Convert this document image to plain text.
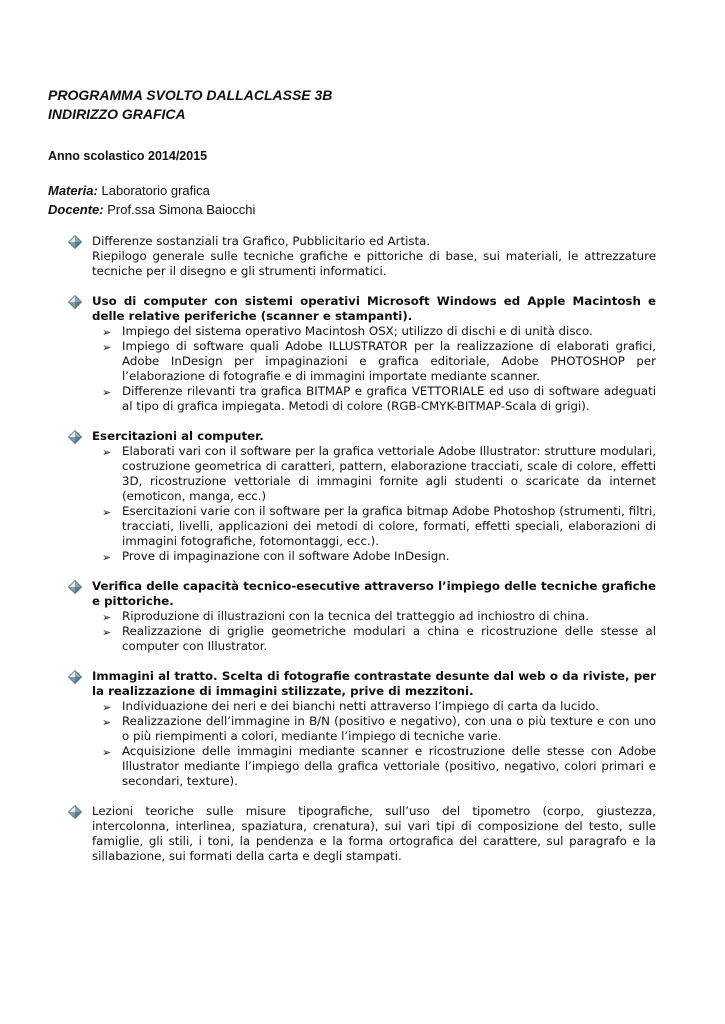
PROGRAMMA SVOLTO DALLACLASSE 3B

INDIRIZZO GRAFICA

Anno scolastico 2014/2015
Materia: Laboratorio grafica
Docente: Prof.ssa Simona Baiocchi
Differenze sostanziali tra Grafico, Pubblicitario ed Artista.
Riepilogo generale sulle tecniche grafiche e pittoriche di base, sui materiali, le attrezzature tecniche per il disegno e gli strumenti informatici.
Uso di computer con sistemi operativi Microsoft Windows ed Apple Macintosh e delle relative periferiche (scanner e stampanti).
➢ Impiego del sistema operativo Macintosh OSX; utilizzo di dischi e di unità disco.
➢ Impiego di software quali Adobe ILLUSTRATOR per la realizzazione di elaborati grafici, Adobe InDesign per impaginazioni e grafica editoriale, Adobe PHOTOSHOP per l’elaborazione di fotografie e di immagini importate mediante scanner.
➢ Differenze rilevanti tra grafica BITMAP e grafica VETTORIALE ed uso di software adeguati al tipo di grafica impiegata. Metodi di colore (RGB-CMYK-BITMAP-Scala di grigi).
Esercitazioni al computer.
➢ Elaborati vari con il software per la grafica vettoriale Adobe Illustrator: strutture modulari, costruzione geometrica di caratteri, pattern, elaborazione tracciati, scale di colore, effetti 3D, ricostruzione vettoriale di immagini fornite agli studenti o scaricate da internet (emoticon, manga, ecc.)
➢ Esercitazioni varie con il software per la grafica bitmap Adobe Photoshop (strumenti, filtri, tracciati, livelli, applicazioni dei metodi di colore, formati, effetti speciali, elaborazioni di immagini fotografiche, fotomontaggi, ecc.).
➢ Prove di impaginazione con il software Adobe InDesign.
Verifica delle capacità tecnico-esecutive attraverso l’impiego delle tecniche grafiche e pittoriche.
➢ Riproduzione di illustrazioni con la tecnica del tratteggio ad inchiostro di china.
➢ Realizzazione di griglie geometriche modulari a china e ricostruzione delle stesse al computer con Illustrator.
Immagini al tratto. Scelta di fotografie contrastate desunte dal web o da riviste, per la realizzazione di immagini stilizzate, prive di mezzitoni.
➢ Individuazione dei neri e dei bianchi netti attraverso l’impiego di carta da lucido.
➢ Realizzazione dell’immagine in B/N (positivo e negativo), con una o più texture e con uno o più riempimenti a colori, mediante l’impiego di tecniche varie.
➢ Acquisizione delle immagini mediante scanner e ricostruzione delle stesse con Adobe Illustrator mediante l’impiego della grafica vettoriale (positivo, negativo, colori primari e secondari, texture).
Lezioni teoriche sulle misure tipografiche, sull’uso del tipometro (corpo, giustezza, intercolonna, interlinea, spaziatura, crenatura), sui vari tipi di composizione del testo, sulle famiglie, gli stili, i toni, la pendenza e la forma ortografica del carattere, sul paragrafo e la sillabazione, sui formati della carta e degli stampati.
